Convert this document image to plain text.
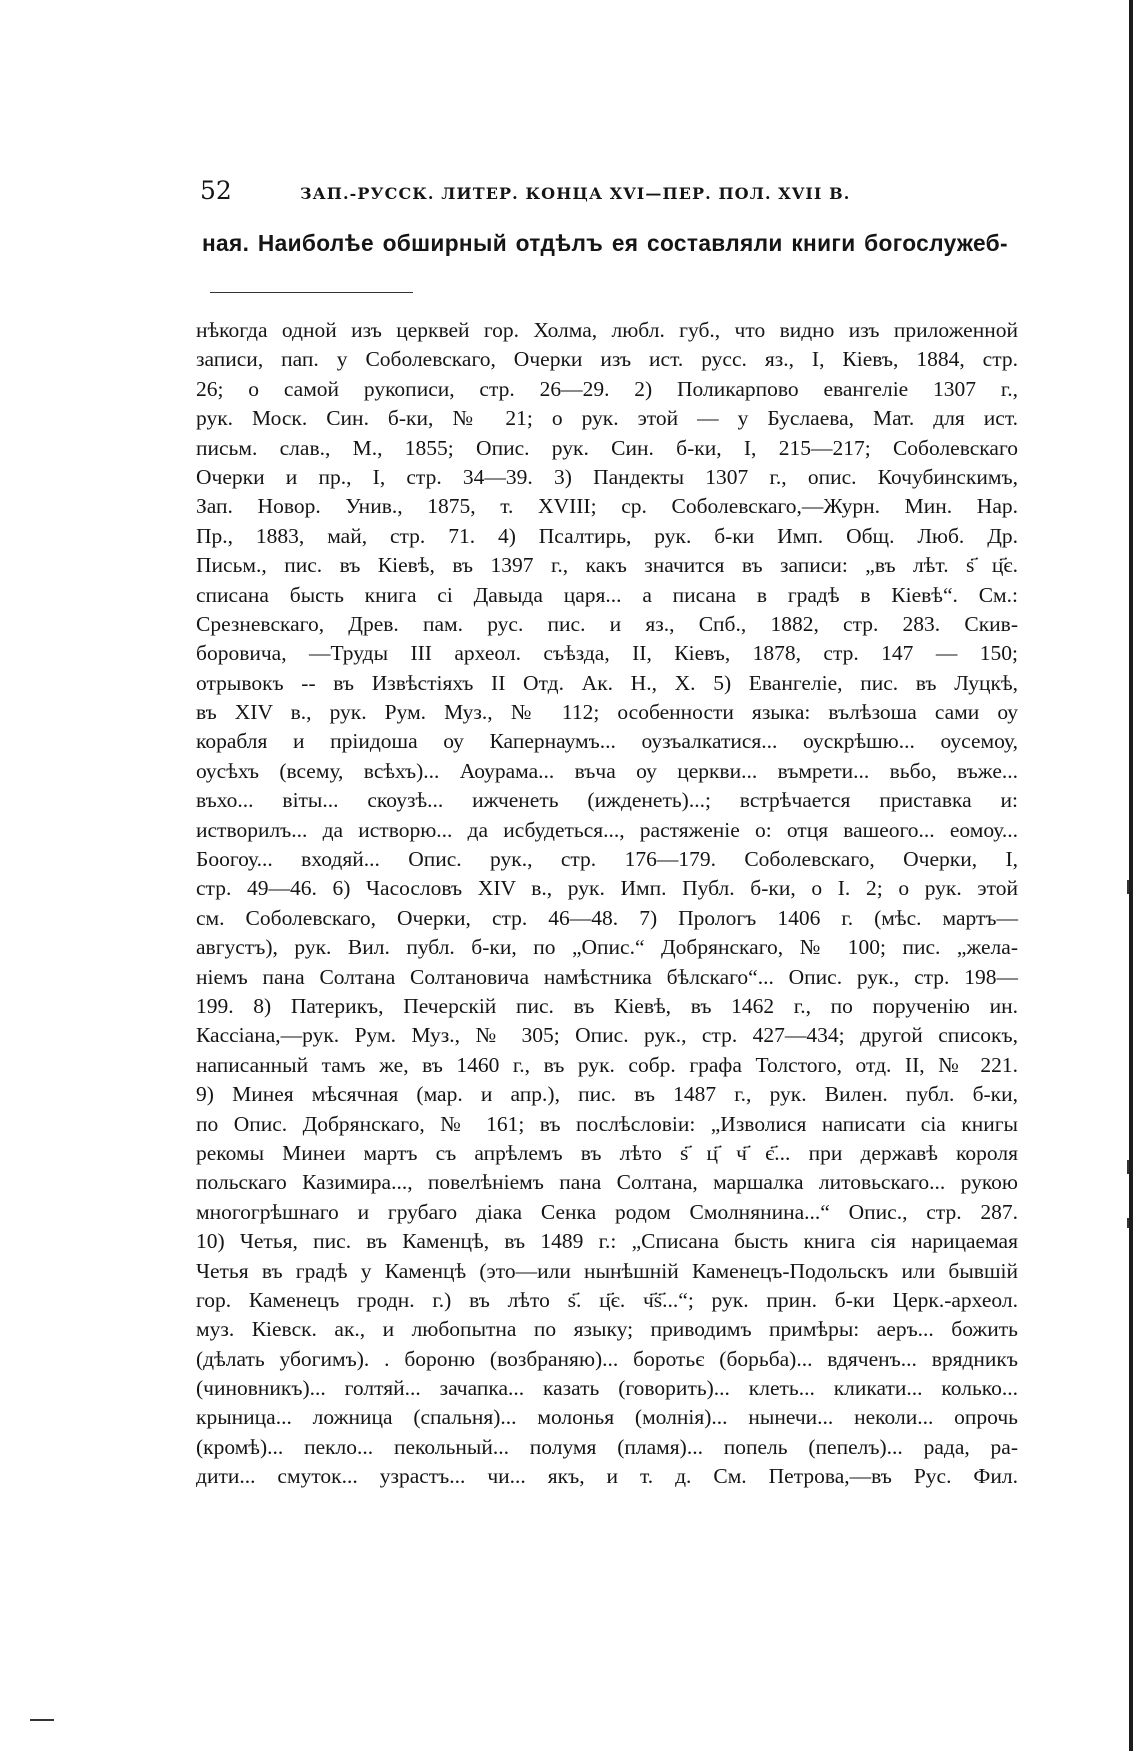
52	ЗАП.-РУССК. ЛИТЕР. КОНЦА XVI—ПЕР. ПОЛ. XVII В.
ная. Наиболѣе обширный отдѣлъ ея составляли книги богослужеб-
нѣкогда одной изъ церквей гор. Холма, любл. губ., что видно изъ приложенной
записи, пап. у Соболевскаго, Очерки изъ ист. русс. яз., I, Кіевъ, 1884, стр.
26; о самой рукописи, стр. 26—29. 2) Поликарпово евангеліе 1307 г.,
рук. Моск. Син. б-ки, № 21; о рук. этой — у Буслаева, Мат. для ист.
письм. слав., М., 1855; Опис. рук. Син. б-ки, I, 215—217; Соболевскаго
Очерки и пр., I, стр. 34—39. 3) Пандекты 1307 г., опис. Кочубинскимъ,
Зап. Новор. Унив., 1875, т. XVIII; ср. Соболевскаго,—Журн. Мин. Нар.
Пр., 1883, май, стр. 71. 4) Псалтирь, рук. б-ки Имп. Общ. Люб. Др.
Письм., пис. въ Кіевѣ, въ 1397 г., какъ значится въ записи: „въ лѣт. ѕ҃ ц҃є.
списана бысть книга сі Давыда царя... а писана в градѣ в Кіевѣ“. См.:
Срезневскаго, Древ. пам. рус. пис. и яз., Спб., 1882, стр. 283. Скив-
боровича, —Труды III археол. съѣзда, II, Кіевъ, 1878, стр. 147 — 150;
отрывокъ -- въ Извѣстіяхъ II Отд. Ак. Н., Х. 5) Евангеліе, пис. въ Луцкѣ,
въ XIV в., рук. Рум. Муз., № 112; особенности языка: вълѣзоша сами оу
корабля и пріидоша оу Капернаумъ... оузъалкатися... оускрѣшю... оусемоу,
оусѣхъ (всему, всѣхъ)... Аоурама... въча оу церкви... въмрети... вьбо, въже...
въхо... віты... скоузѣ... ижченеть (ижденеть)...; встрѣчается приставка и:
истворилъ... да истворю... да исбудеться..., растяженіе о: отця вашеого... еомоу...
Боогоу... входяй... Опис. рук., стр. 176—179. Соболевскаго, Очерки, I,
стр. 49—46. 6) Часословъ XIV в., рук. Имп. Публ. б-ки, о I. 2; о рук. этой
см. Соболевскаго, Очерки, стр. 46—48. 7) Прологъ 1406 г. (мѣс. мартъ—
августъ), рук. Вил. публ. б-ки, по „Опис.“ Добрянскаго, № 100; пис. „жела-
ніемъ пана Солтана Солтановича намѣстника бѣлскаго“... Опис. рук., стр. 198—
199. 8) Патерикъ, Печерскій пис. въ Кіевѣ, въ 1462 г., по порученію ин.
Кассіана,—рук. Рум. Муз., № 305; Опис. рук., стр. 427—434; другой списокъ,
написанный тамъ же, въ 1460 г., въ рук. собр. графа Толстого, отд. II, № 221.
9) Минея мѣсячная (мар. и апр.), пис. въ 1487 г., рук. Вилен. публ. б-ки,
по Опис. Добрянскаго, № 161; въ послѣсловіи: „Изволися написати сіа книгы
рекомы Минеи мартъ съ апрѣлемъ въ лѣто ѕ҃ ц҃ ч҃ є҃... при державѣ короля
польскаго Казимира..., повелѣніемъ пана Солтана, маршалка литовьскаго... рукою
многогрѣшнаго и грубаго діака Сенка родом Смолнянина...“ Опис., стр. 287.
10) Четья, пис. въ Каменцѣ, въ 1489 г.: „Списана бысть книга сія нарицаемая
Четья въ градѣ у Каменцѣ (это—или нынѣшній Каменецъ-Подольскъ или бывшій
гор. Каменецъ гродн. г.) въ лѣто ѕ҃. ц҃є. ч҃ѕ҃...“; рук. прин. б-ки Церк.-археол.
муз. Кіевск. ак., и любопытна по языку; приводимъ примѣры: аеръ... божить
(дѣлать убогимъ). . бороню (возбраняю)... боротьє (борьба)... вдяченъ... врядникъ
(чиновникъ)... голтяй... зачапка... казать (говорить)... клеть... кликати... колько...
крыница... ложница (спальня)... молонья (молнія)... нынечи... неколи... опрочь
(кромѣ)... пекло... пекольный... полумя (пламя)... попель (пепелъ)... рада, ра-
дити... смуток... узрастъ... чи... якъ, и т. д. См. Петрова,—въ Рус. Фил.
